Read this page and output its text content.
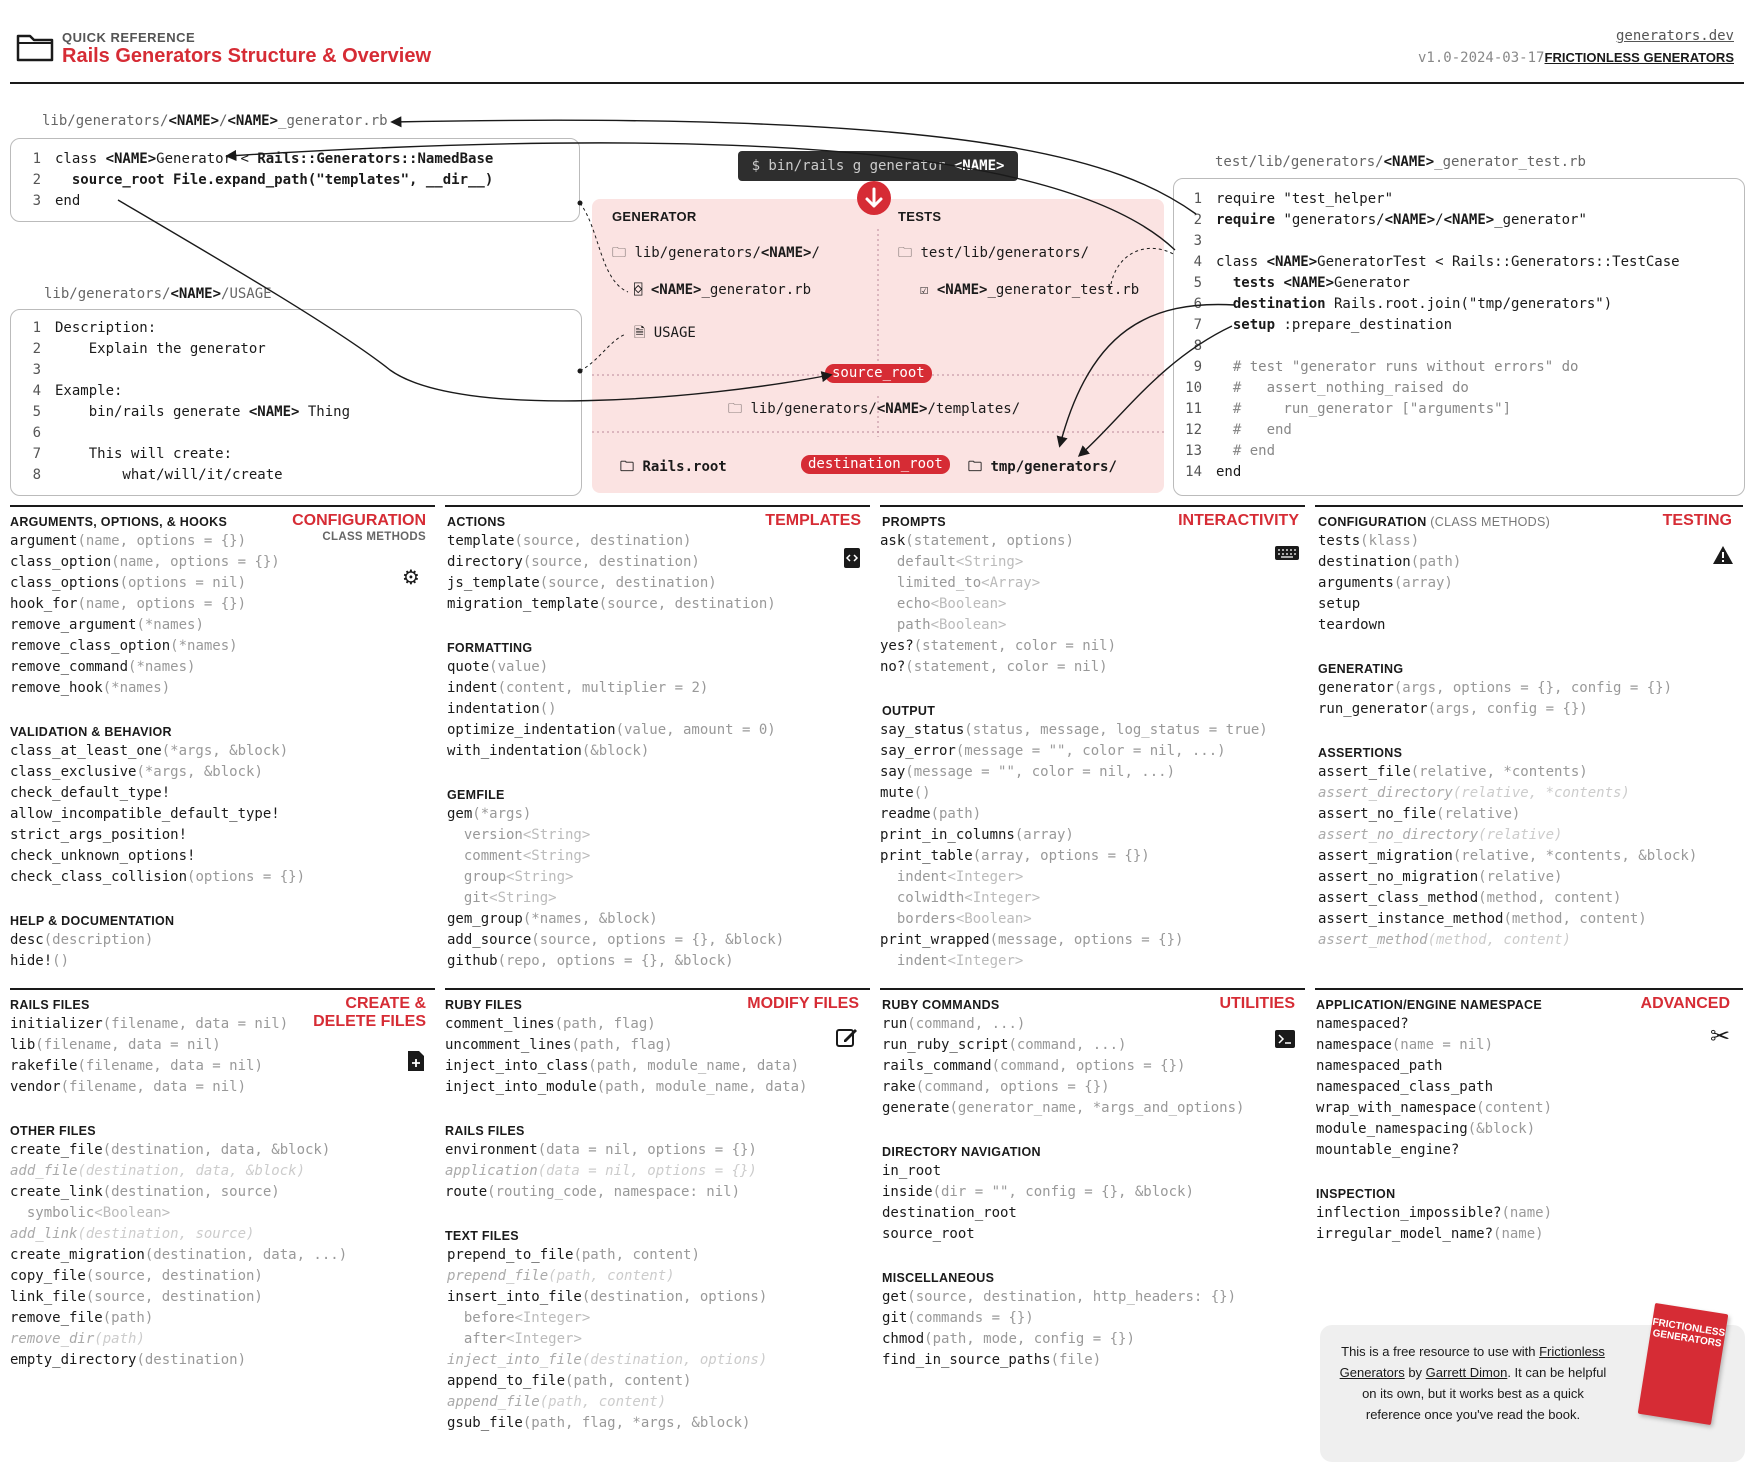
QUICK REFERENCE
Rails Generators Structure & Overview
generators.dev
v1.0-2024-03-17 FRICTIONLESS GENERATORS
lib/generators/<NAME>/<NAME>_generator.rb
1 class <NAME>Generator < Rails::Generators::NamedBase
2  source_root File.expand_path("templates", __dir__)
3 end
lib/generators/<NAME>/USAGE
1 Description:
2    Explain the generator
3
4 Example:
5    bin/rails generate <NAME> Thing
6
7    This will create:
8        what/will/it/create
test/lib/generators/<NAME>_generator_test.rb
1 require "test_helper"
2 require "generators/<NAME>/<NAME>_generator"
3
4 class <NAME>GeneratorTest < Rails::Generators::TestCase
5  tests <NAME>Generator
6  destination Rails.root.join("tmp/generators")
7  setup :prepare_destination
8
9  # test "generator runs without errors" do
10  #   assert_nothing_raised do
11  #     run_generator ["arguments"]
12  #   end
13  # end
14 end
$ bin/rails g generator <NAME>
GENERATOR	TESTS
🗀 lib/generators/<NAME>/
⌺ <NAME>_generator.rb
🗎 USAGE
🗀 test/lib/generators/
☑ <NAME>_generator_test.rb
source_root
🗀 lib/generators/<NAME>/templates/
🗀 Rails.root	destination_root	🗀 tmp/generators/
ARGUMENTS, OPTIONS, & HOOKS	CONFIGURATION
CLASS METHODS
⚙
VALIDATION & BEHAVIOR
HELP & DOCUMENTATION
ACTIONS	TEMPLATES
FORMATTING
GEMFILE
PROMPTS	INTERACTIVITY
OUTPUT
CONFIGURATION (CLASS METHODS)	TESTING
GENERATING
ASSERTIONS
RAILS FILES	CREATE &
DELETE FILES
OTHER FILES
RUBY FILES	MODIFY FILES
RAILS FILES
TEXT FILES
RUBY COMMANDS	UTILITIES
DIRECTORY NAVIGATION
MISCELLANEOUS
APPLICATION/ENGINE NAMESPACE	ADVANCED
✂
INSPECTION
This is a free resource to use with Frictionless Generators by Garrett Dimon. It can be helpful on its own, but it works best as a quick reference once you've read the book.
FRICTIONLESS GENERATORS
argument(name, options = {})
class_option(name, options = {})
class_options(options = nil)
hook_for(name, options = {})
remove_argument(*names)
remove_class_option(*names)
remove_command(*names)
remove_hook(*names)
class_at_least_one(*args, &block)
class_exclusive(*args, &block)
check_default_type!
allow_incompatible_default_type!
strict_args_position!
check_unknown_options!
check_class_collision(options = {})
desc(description)
hide!()
template(source, destination)
directory(source, destination)
js_template(source, destination)
migration_template(source, destination)
quote(value)
indent(content, multiplier = 2)
indentation()
optimize_indentation(value, amount = 0)
with_indentation(&block)
gem(*args)
version<String>
comment<String>
group<String>
git<String>
gem_group(*names, &block)
add_source(source, options = {}, &block)
github(repo, options = {}, &block)
ask(statement, options)
default<String>
limited_to<Array>
echo<Boolean>
path<Boolean>
yes?(statement, color = nil)
no?(statement, color = nil)
say_status(status, message, log_status = true)
say_error(message = "", color = nil, ...)
say(message = "", color = nil, ...)
mute()
readme(path)
print_in_columns(array)
print_table(array, options = {})
indent<Integer>
colwidth<Integer>
borders<Boolean>
print_wrapped(message, options = {})
indent<Integer>
tests(klass)
destination(path)
arguments(array)
setup
teardown
generator(args, options = {}, config = {})
run_generator(args, config = {})
assert_file(relative, *contents)
assert_directory(relative, *contents)
assert_no_file(relative)
assert_no_directory(relative)
assert_migration(relative, *contents, &block)
assert_no_migration(relative)
assert_class_method(method, content)
assert_instance_method(method, content)
assert_method(method, content)
initializer(filename, data = nil)
lib(filename, data = nil)
rakefile(filename, data = nil)
vendor(filename, data = nil)
create_file(destination, data, &block)
add_file(destination, data, &block)
create_link(destination, source)
symbolic<Boolean>
add_link(destination, source)
create_migration(destination, data, ...)
copy_file(source, destination)
link_file(source, destination)
remove_file(path)
remove_dir(path)
empty_directory(destination)
comment_lines(path, flag)
uncomment_lines(path, flag)
inject_into_class(path, module_name, data)
inject_into_module(path, module_name, data)
environment(data = nil, options = {})
application(data = nil, options = {})
route(routing_code, namespace: nil)
prepend_to_file(path, content)
prepend_file(path, content)
insert_into_file(destination, options)
before<Integer>
after<Integer>
inject_into_file(destination, options)
append_to_file(path, content)
append_file(path, content)
gsub_file(path, flag, *args, &block)
run(command, ...)
run_ruby_script(command, ...)
rails_command(command, options = {})
rake(command, options = {})
generate(generator_name, *args_and_options)
in_root
inside(dir = "", config = {}, &block)
destination_root
source_root
get(source, destination, http_headers: {})
git(commands = {})
chmod(path, mode, config = {})
find_in_source_paths(file)
namespaced?
namespace(name = nil)
namespaced_path
namespaced_class_path
wrap_with_namespace(content)
module_namespacing(&block)
mountable_engine?
inflection_impossible?(name)
irregular_model_name?(name)
